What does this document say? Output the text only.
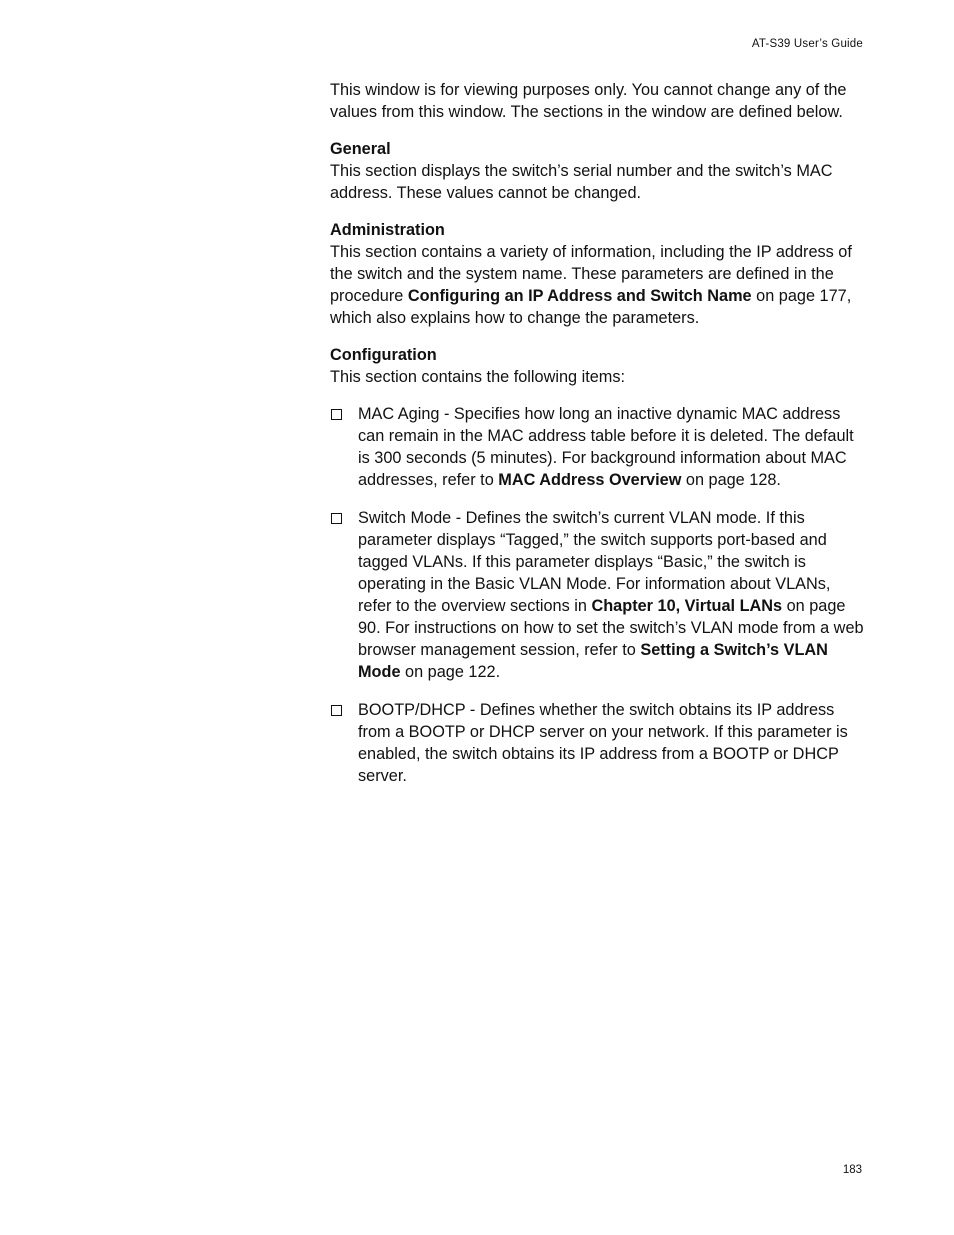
AT-S39 User’s Guide

This window is for viewing purposes only. You cannot change any of the values from this window. The sections in the window are defined below.

General

This section displays the switch’s serial number and the switch’s MAC address. These values cannot be changed.

Administration

This section contains a variety of information, including the IP address of the switch and the system name. These parameters are defined in the procedure Configuring an IP Address and Switch Name on page 177, which also explains how to change the parameters.

Configuration

This section contains the following items:

MAC Aging - Specifies how long an inactive dynamic MAC address can remain in the MAC address table before it is deleted. The default is 300 seconds (5 minutes). For background information about MAC addresses, refer to MAC Address Overview on page 128.
Switch Mode - Defines the switch’s current VLAN mode. If this parameter displays “Tagged,” the switch supports port-based and tagged VLANs. If this parameter displays “Basic,” the switch is operating in the Basic VLAN Mode. For information about VLANs, refer to the overview sections in Chapter 10, Virtual LANs on page 90. For instructions on how to set the switch’s VLAN mode from a web browser management session, refer to Setting a Switch’s VLAN Mode on page 122.
BOOTP/DHCP - Defines whether the switch obtains its IP address from a BOOTP or DHCP server on your network. If this parameter is enabled, the switch obtains its IP address from a BOOTP or DHCP server.
183
